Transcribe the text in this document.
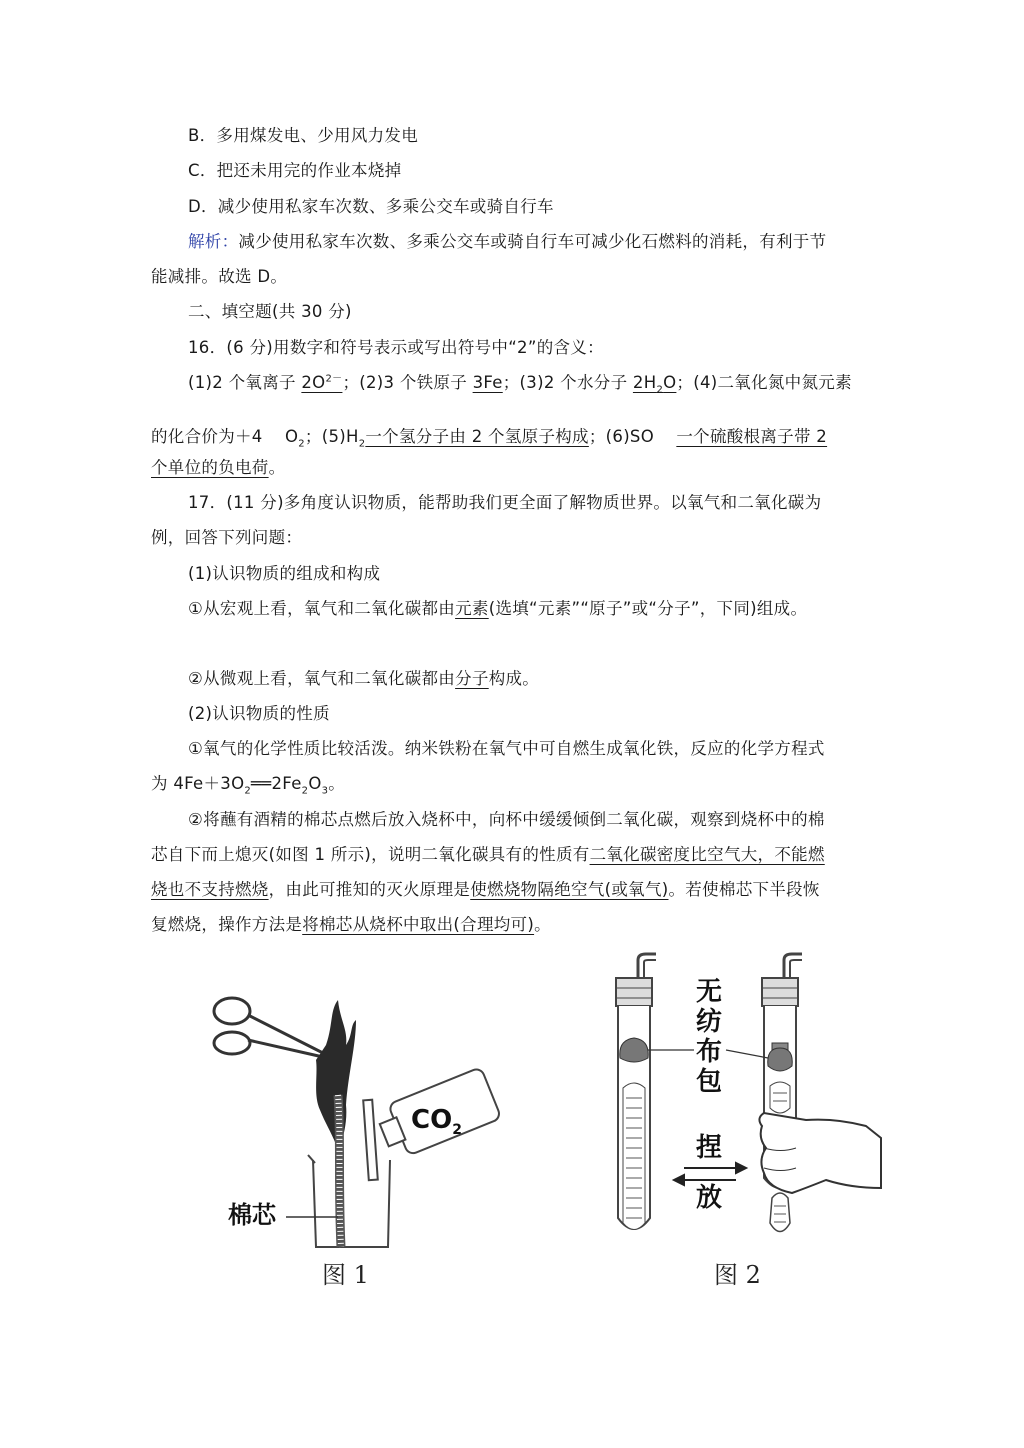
B．多用煤发电、少用风力发电
C．把还未用完的作业本烧掉
D．减少使用私家车次数、多乘公交车或骑自行车
解析：减少使用私家车次数、多乘公交车或骑自行车可减少化石燃料的消耗，有利于节
能减排。故选 D。
二、填空题(共 30 分)
16．(6 分)用数字和符号表示或写出符号中“2”的含义：
(1)2 个氧离子 $2O^{2-}$；(2)3 个铁原子 3Fe；(3)2 个水分子 $2H_2O$；(4)二氧化氮中氮元素
的化合价为＋4　 $O_2$；$(5)H_2$一个氢分子由 2 个氢原子构成；(6)SO　 一个硫酸根离子带 2
个单位的负电荷。
17．(11 分)多角度认识物质，能帮助我们更全面了解物质世界。以氧气和二氧化碳为
例，回答下列问题：
(1)认识物质的组成和构成
①从宏观上看，氧气和二氧化碳都由元素(选填“元素”“原子”或“分子”，下同)组成。
②从微观上看，氧气和二氧化碳都由分子构成。
(2)认识物质的性质
①氧气的化学性质比较活泼。纳米铁粉在氧气中可自燃生成氧化铁，反应的化学方程式
为 $4Fe+3O_2══2Fe_2O_3$。
②将蘸有酒精的棉芯点燃后放入烧杯中，向杯中缓缓倾倒二氧化碳，观察到烧杯中的棉
芯自下而上熄灭(如图 1 所示)，说明二氧化碳具有的性质有二氧化碳密度比空气大，不能燃
烧也不支持燃烧，由此可推知的灭火原理是使燃烧物隔绝空气(或氧气)。若使棉芯下半段恢
复燃烧，操作方法是将棉芯从烧杯中取出(合理均可)。
$CO_2$
棉芯
图 1
无
纺
布
包
捏
放
图 2
